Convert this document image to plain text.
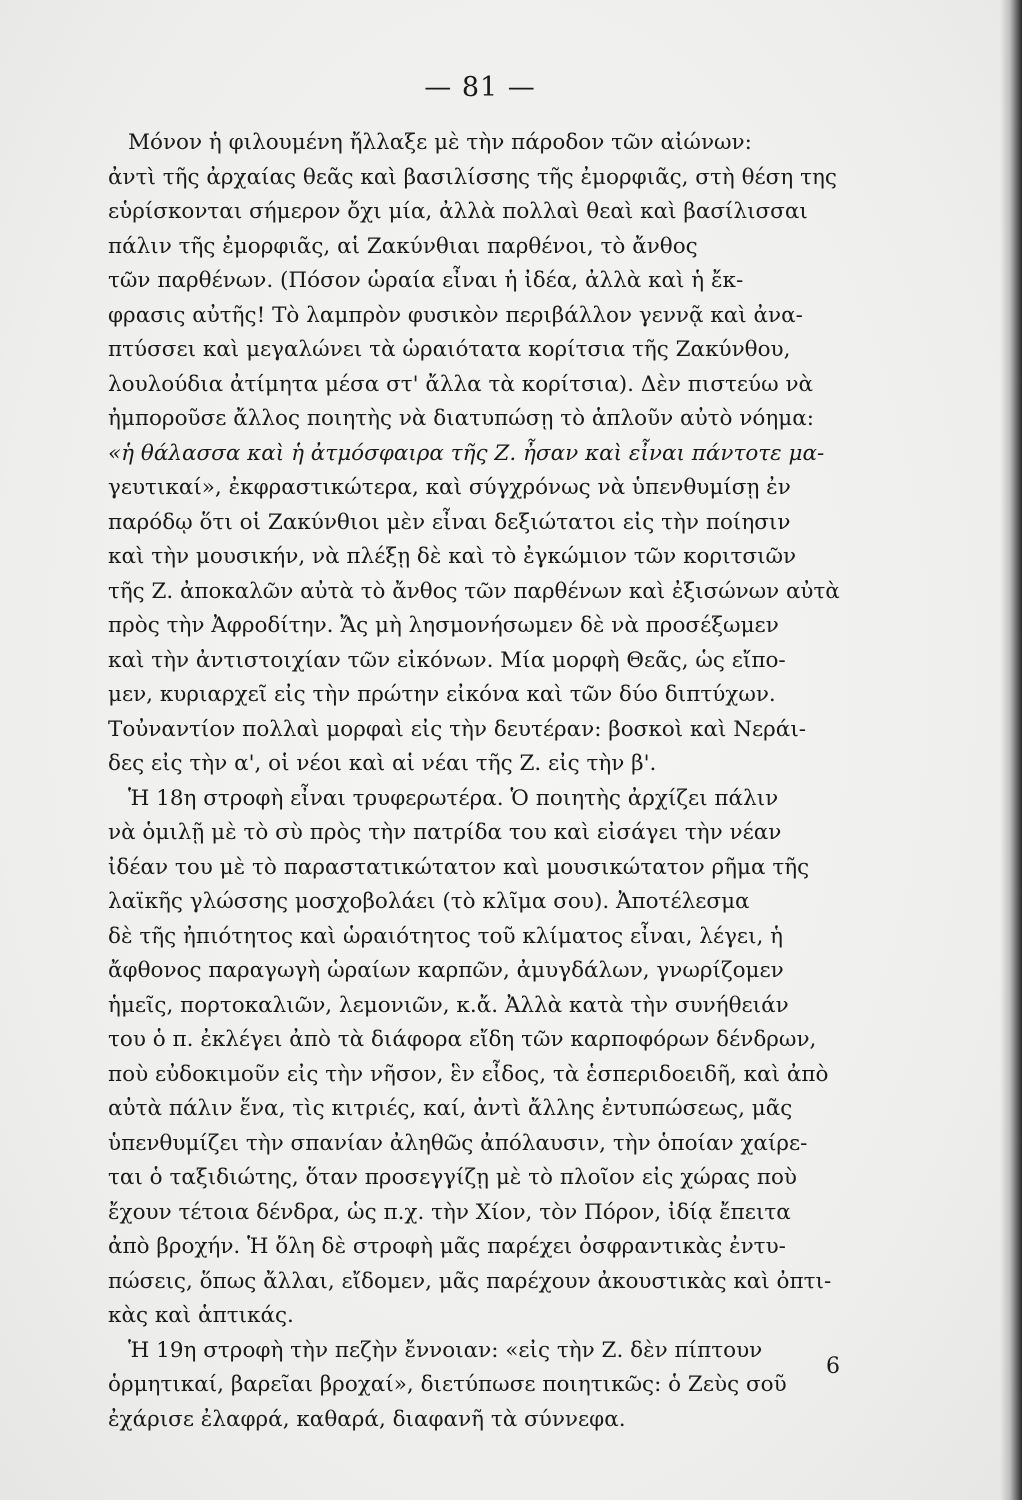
— 81 —
Μόνον ἡ φιλουμένη ἤλλαξε μὲ τὴν πάροδον τῶν αἰώνων:
ἀντὶ τῆς ἀρχαίας θεᾶς καὶ βασιλίσσης τῆς ἐμορφιᾶς, στὴ θέση της
εὑρίσκονται σήμερον ὄχι μία, ἀλλὰ πολλαὶ θεαὶ καὶ βασίλισσαι
πάλιν τῆς ἐμορφιᾶς, αἱ Ζακύνθιαι παρθένοι, τὸ ἄνθος
τῶν παρθένων. (Πόσον ὡραία εἶναι ἡ ἰδέα, ἀλλὰ καὶ ἡ ἔκ-
φρασις αὐτῆς! Τὸ λαμπρὸν φυσικὸν περιβάλλον γεννᾷ καὶ ἀνα-
πτύσσει καὶ μεγαλώνει τὰ ὡραιότατα κορίτσια τῆς Ζακύνθου,
λουλούδια ἀτίμητα μέσα στ' ἄλλα τὰ κορίτσια). Δὲν πιστεύω νὰ
ἠμποροῦσε ἄλλος ποιητὴς νὰ διατυπώσῃ τὸ ἁπλοῦν αὐτὸ νόημα:
«ἡ θάλασσα καὶ ἡ ἀτμόσφαιρα τῆς Ζ. ἦσαν καὶ εἶναι πάντοτε μα-
γευτικαί», ἐκφραστικώτερα, καὶ σύγχρόνως νὰ ὑπενθυμίσῃ ἐν
παρόδῳ ὅτι οἱ Ζακύνθιοι μὲν εἶναι δεξιώτατοι εἰς τὴν ποίησιν
καὶ τὴν μουσικήν, νὰ πλέξῃ δὲ καὶ τὸ ἐγκώμιον τῶν κοριτσιῶν
τῆς Ζ. ἀποκαλῶν αὐτὰ τὸ ἄνθος τῶν παρθένων καὶ ἐξισώνων αὐτὰ
πρὸς τὴν Ἀφροδίτην. Ἄς μὴ λησμονήσωμεν δὲ νὰ προσέξωμεν
καὶ τὴν ἀντιστοιχίαν τῶν εἰκόνων. Μία μορφὴ Θεᾶς, ὡς εἴπο-
μεν, κυριαρχεῖ εἰς τὴν πρώτην εἰκόνα καὶ τῶν δύο διπτύχων.
Τοὐναντίον πολλαὶ μορφαὶ εἰς τὴν δευτέραν: βοσκοὶ καὶ Νεράι-
δες εἰς τὴν α', οἱ νέοι καὶ αἱ νέαι τῆς Ζ. εἰς τὴν β'.
Ἡ 18η στροφὴ εἶναι τρυφερωτέρα. Ὁ ποιητὴς ἀρχίζει πάλιν
νὰ ὁμιλῇ μὲ τὸ σὺ πρὸς τὴν πατρίδα του καὶ εἰσάγει τὴν νέαν
ἰδέαν του μὲ τὸ παραστατικώτατον καὶ μουσικώτατον ρῆμα τῆς
λαϊκῆς γλώσσης μοσχοβολάει (τὸ κλῖμα σου). Ἀποτέλεσμα
δὲ τῆς ἠπιότητος καὶ ὡραιότητος τοῦ κλίματος εἶναι, λέγει, ἡ
ἄφθονος παραγωγὴ ὡραίων καρπῶν, ἀμυγδάλων, γνωρίζομεν
ἡμεῖς, πορτοκαλιῶν, λεμονιῶν, κ.ἄ. Ἀλλὰ κατὰ τὴν συνήθειάν
του ὁ π. ἐκλέγει ἀπὸ τὰ διάφορα εἴδη τῶν καρποφόρων δένδρων,
ποὺ εὐδοκιμοῦν εἰς τὴν νῆσον, ἓν εἶδος, τὰ ἑσπεριδοειδῆ, καὶ ἀπὸ
αὐτὰ πάλιν ἕνα, τὶς κιτριές, καί, ἀντὶ ἄλλης ἐντυπώσεως, μᾶς
ὑπενθυμίζει τὴν σπανίαν ἀληθῶς ἀπόλαυσιν, τὴν ὁποίαν χαίρε-
ται ὁ ταξιδιώτης, ὅταν προσεγγίζῃ μὲ τὸ πλοῖον εἰς χώρας ποὺ
ἔχουν τέτοια δένδρα, ὡς π.χ. τὴν Χίον, τὸν Πόρον, ἰδίᾳ ἔπειτα
ἀπὸ βροχήν. Ἡ ὅλη δὲ στροφὴ μᾶς παρέχει ὀσφραντικὰς ἐντυ-
πώσεις, ὅπως ἄλλαι, εἴδομεν, μᾶς παρέχουν ἀκουστικὰς καὶ ὀπτι-
κὰς καὶ ἁπτικάς.
Ἡ 19η στροφὴ τὴν πεζὴν ἔννοιαν: «εἰς τὴν Ζ. δὲν πίπτουν
ὁρμητικαί, βαρεῖαι βροχαί», διετύπωσε ποιητικῶς: ὁ Ζεὺς σοῦ
ἐχάρισε ἐλαφρά, καθαρά, διαφανῆ τὰ σύννεφα.
6
